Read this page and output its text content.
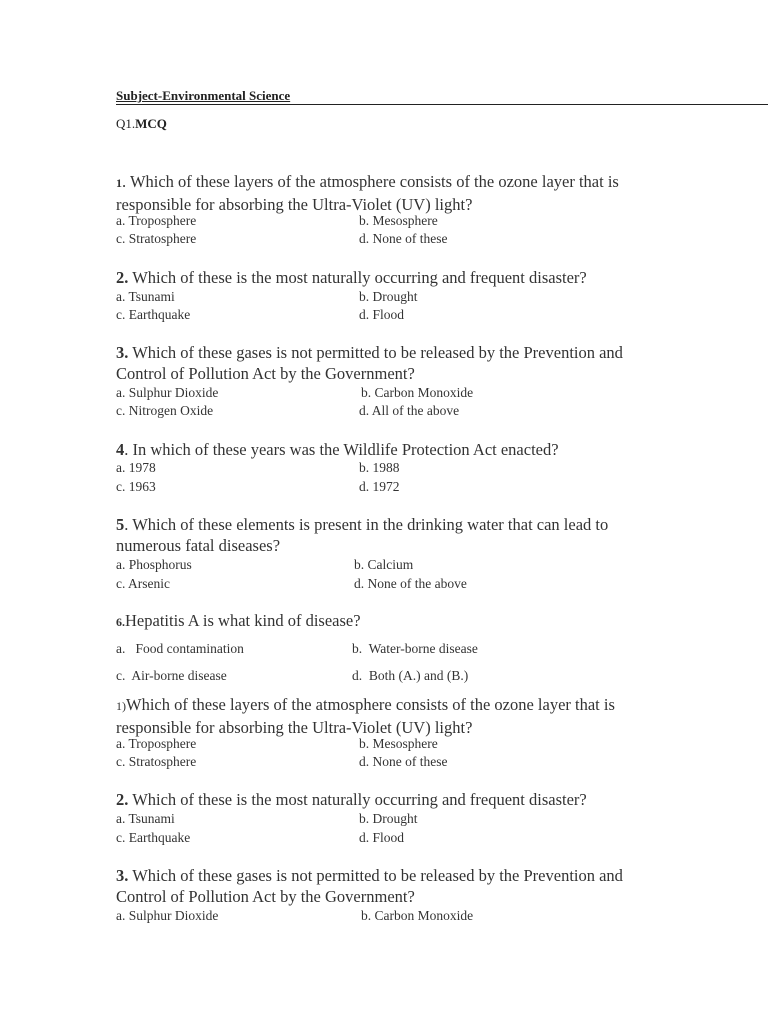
Subject-Environmental Science
Q1.MCQ
1. Which of these layers of the atmosphere consists of the ozone layer that is responsible for absorbing the Ultra-Violet (UV) light?
a. Troposphere	b. Mesosphere
c. Stratosphere	d. None of these
2. Which of these is the most naturally occurring and frequent disaster?
a. Tsunami	b. Drought
c. Earthquake	d. Flood
3. Which of these gases is not permitted to be released by the Prevention and Control of Pollution Act by the Government?
a. Sulphur Dioxide	b. Carbon Monoxide
c. Nitrogen Oxide	d. All of the above
4. In which of these years was the Wildlife Protection Act enacted?
a. 1978	b. 1988
c. 1963	d. 1972
5. Which of these elements is present in the drinking water that can lead to numerous fatal diseases?
a. Phosphorus	b. Calcium
c. Arsenic	d. None of the above
6.Hepatitis A is what kind of disease?
a.   Food contamination	b.  Water-borne disease
c.  Air-borne disease	d.  Both (A.) and (B.)
1)Which of these layers of the atmosphere consists of the ozone layer that is responsible for absorbing the Ultra-Violet (UV) light?
a. Troposphere	b. Mesosphere
c. Stratosphere	d. None of these
2. Which of these is the most naturally occurring and frequent disaster?
a. Tsunami	b. Drought
c. Earthquake	d. Flood
3. Which of these gases is not permitted to be released by the Prevention and Control of Pollution Act by the Government?
a. Sulphur Dioxide	b. Carbon Monoxide
